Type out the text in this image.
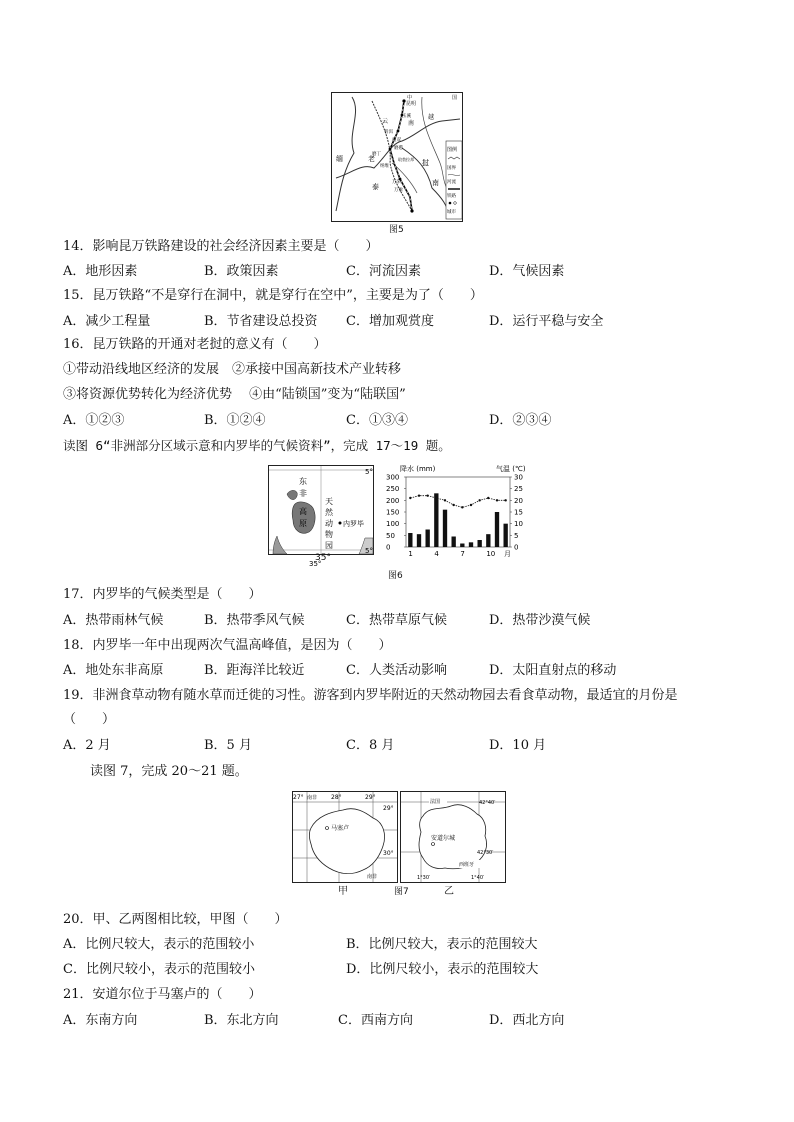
中	国
昆明
玉溪
云	南
普洱
西双
磨憨
磨丁
琅勃拉邦
纳堆
老	挝
万荣
万象
越
泰
缅
南
图例
国界
河流
铁路
城市
图5
14．影响昆万铁路建设的社会经济因素主要是（　　）
A．地形因素	B．政策因素	C．河流因素	D．气候因素
15．昆万铁路“不是穿行在洞中，就是穿行在空中”，主要是为了（　　）
A．减少工程量	B．节省建设总投资 C．增加观赏度	D．运行平稳与安全
16．昆万铁路的开通对老挝的意义有（　　）
①带动沿线地区经济的发展　②承接中国高新技术产业转移
③将资源优势转化为经济优势　 ④由“陆锁国”变为“陆联国”
A．①②③	B．①②④	C．①③④	D．②③④
读图 6“非洲部分区域示意和内罗毕的气候资料”，完成 17～19 题。
5°
5°
35°
东
非
高
原
天
然
动
物
园
内罗毕
35°
降水 (mm)	气温 (℃)
300
250
200
150
100
50
0
30
25
20
15
10
5
0
1	4	7	10 月
图6
17．内罗毕的气候类型是（　　）
A．热带雨林气候	B．热带季风气候	C．热带草原气候	D．热带沙漠气候
18．内罗毕一年中出现两次气温高峰值，是因为（　　）
A．地处东非高原	B．距海洋比较近	C．人类活动影响	D．太阳直射点的移动
19．非洲食草动物有随水草而迁徙的习性。游客到内罗毕附近的天然动物园去看食草动物，最适宜的月份是
（　　）
A．2 月	B．5 月	C．8 月	D．10 月
读图 7，完成 20～21 题。
27°	28°	29°
29°
30°
南非
南非
马塞卢
甲
法国	42°40′
42°30′
安道尔城
西班牙
1°30′	1°40′
图7	乙
20．甲、乙两图相比较，甲图（　　）
A．比例尺较大，表示的范围较小	B．比例尺较大，表示的范围较大
C．比例尺较小，表示的范围较小	D．比例尺较小，表示的范围较大
21．安道尔位于马塞卢的（　　）
A．东南方向	B．东北方向	C．西南方向	D．西北方向
